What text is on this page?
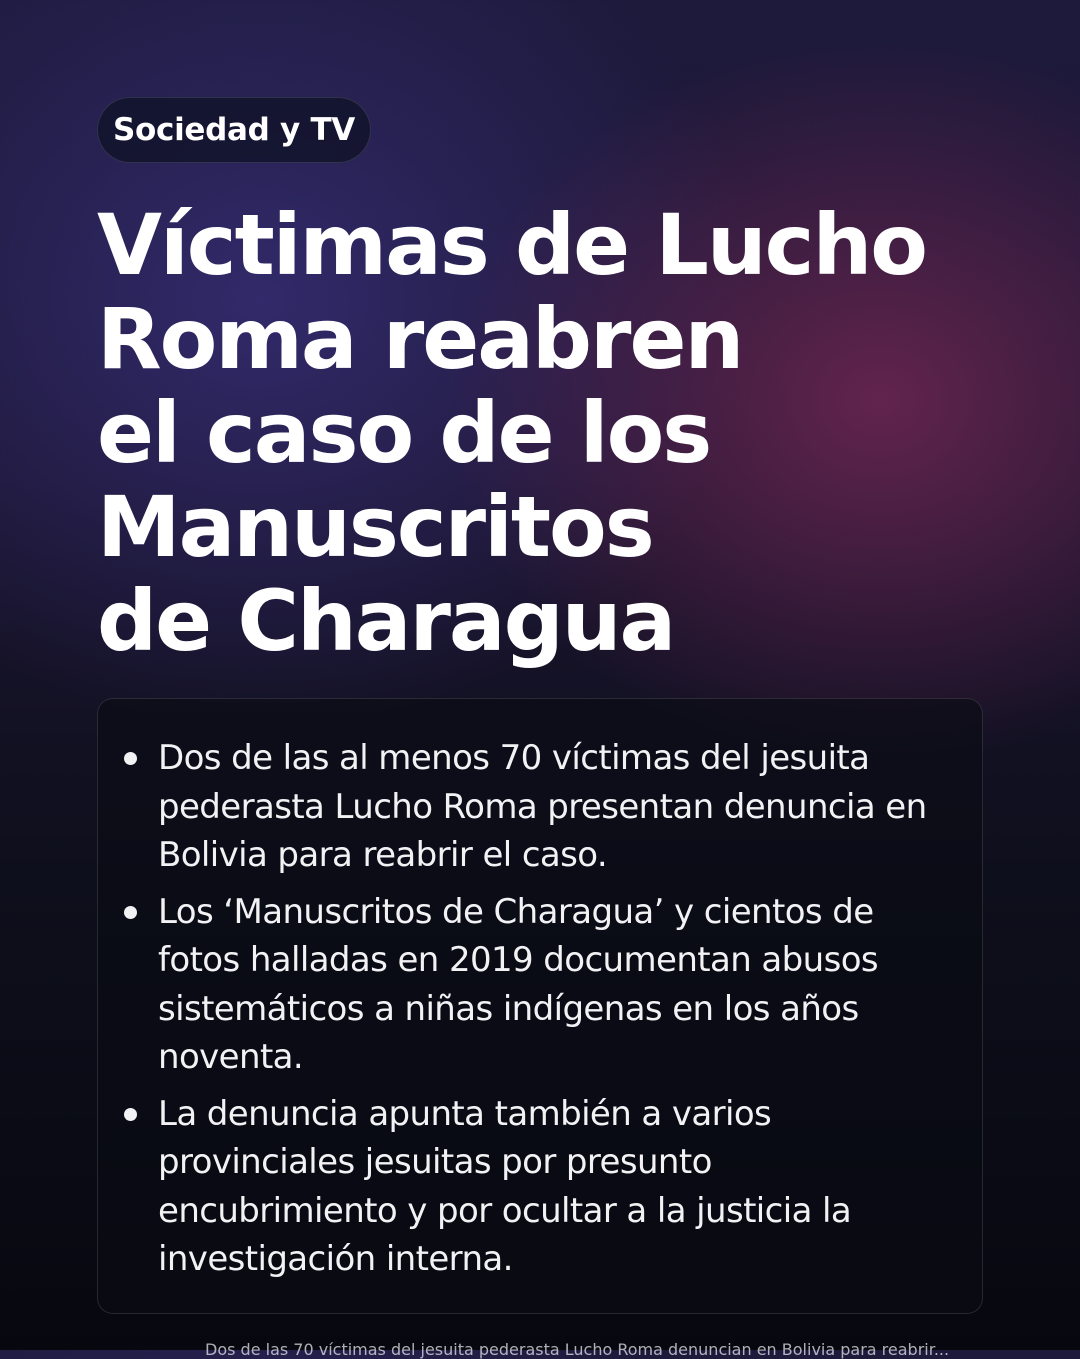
Sociedad y TV
Víctimas de Lucho
Roma reabren
el caso de los
Manuscritos
de Charagua
Dos de las al menos 70 víctimas del jesuita
pederasta Lucho Roma presentan denuncia en
Bolivia para reabrir el caso.
Los ‘Manuscritos de Charagua’ y cientos de
fotos halladas en 2019 documentan abusos
sistemáticos a niñas indígenas en los años
noventa.
La denuncia apunta también a varios
provinciales jesuitas por presunto
encubrimiento y por ocultar a la justicia la
investigación interna.
Dos de las 70 víctimas del jesuita pederasta Lucho Roma denuncian en Bolivia para reabrir...
